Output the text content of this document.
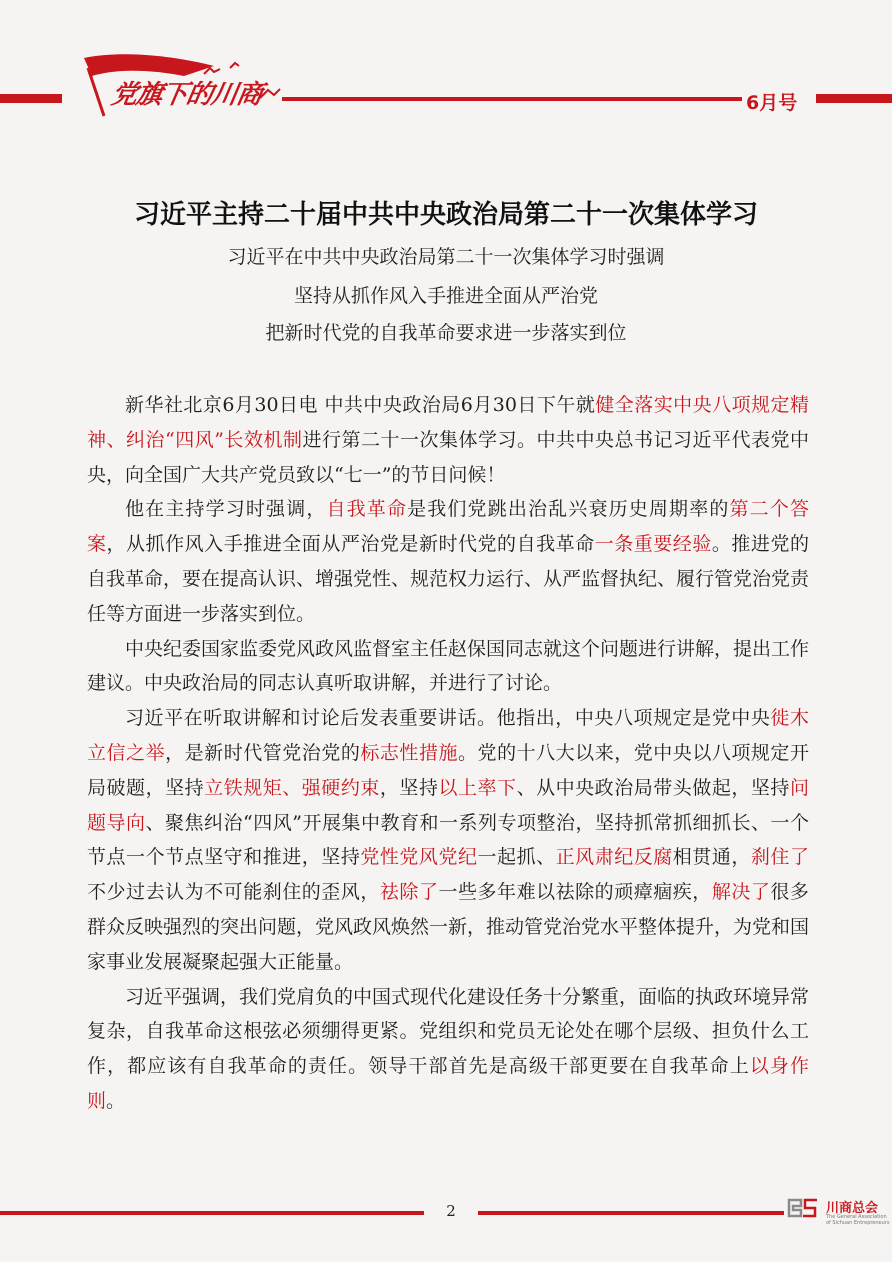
党旗下的川商	6月号
习近平主持二十届中共中央政治局第二十一次集体学习
习近平在中共中央政治局第二十一次集体学习时强调
坚持从抓作风入手推进全面从严治党
把新时代党的自我革命要求进一步落实到位

新华社北京6月30日电 中共中央政治局6月30日下午就健全落实中央八项规定精神、纠治“四风”长效机制进行第二十一次集体学习。中共中央总书记习近平代表党中央，向全国广大共产党员致以“七一”的节日问候！

他在主持学习时强调，自我革命是我们党跳出治乱兴衰历史周期率的第二个答案，从抓作风入手推进全面从严治党是新时代党的自我革命一条重要经验。推进党的自我革命，要在提高认识、增强党性、规范权力运行、从严监督执纪、履行管党治党责任等方面进一步落实到位。

中央纪委国家监委党风政风监督室主任赵保国同志就这个问题进行讲解，提出工作建议。中央政治局的同志认真听取讲解，并进行了讨论。

习近平在听取讲解和讨论后发表重要讲话。他指出，中央八项规定是党中央徙木立信之举，是新时代管党治党的标志性措施。党的十八大以来，党中央以八项规定开局破题，坚持立铁规矩、强硬约束，坚持以上率下、从中央政治局带头做起，坚持问题导向、聚焦纠治“四风”开展集中教育和一系列专项整治，坚持抓常抓细抓长、一个节点一个节点坚守和推进，坚持党性党风党纪一起抓、正风肃纪反腐相贯通，刹住了不少过去认为不可能刹住的歪风，祛除了一些多年难以祛除的顽瘴痼疾，解决了很多群众反映强烈的突出问题，党风政风焕然一新，推动管党治党水平整体提升，为党和国家事业发展凝聚起强大正能量。

习近平强调，我们党肩负的中国式现代化建设任务十分繁重，面临的执政环境异常复杂，自我革命这根弦必须绷得更紧。党组织和党员无论处在哪个层级、担负什么工作，都应该有自我革命的责任。领导干部首先是高级干部更要在自我革命上以身作则。

2	川商总会
The General Association of Sichuan Entrepreneurs
